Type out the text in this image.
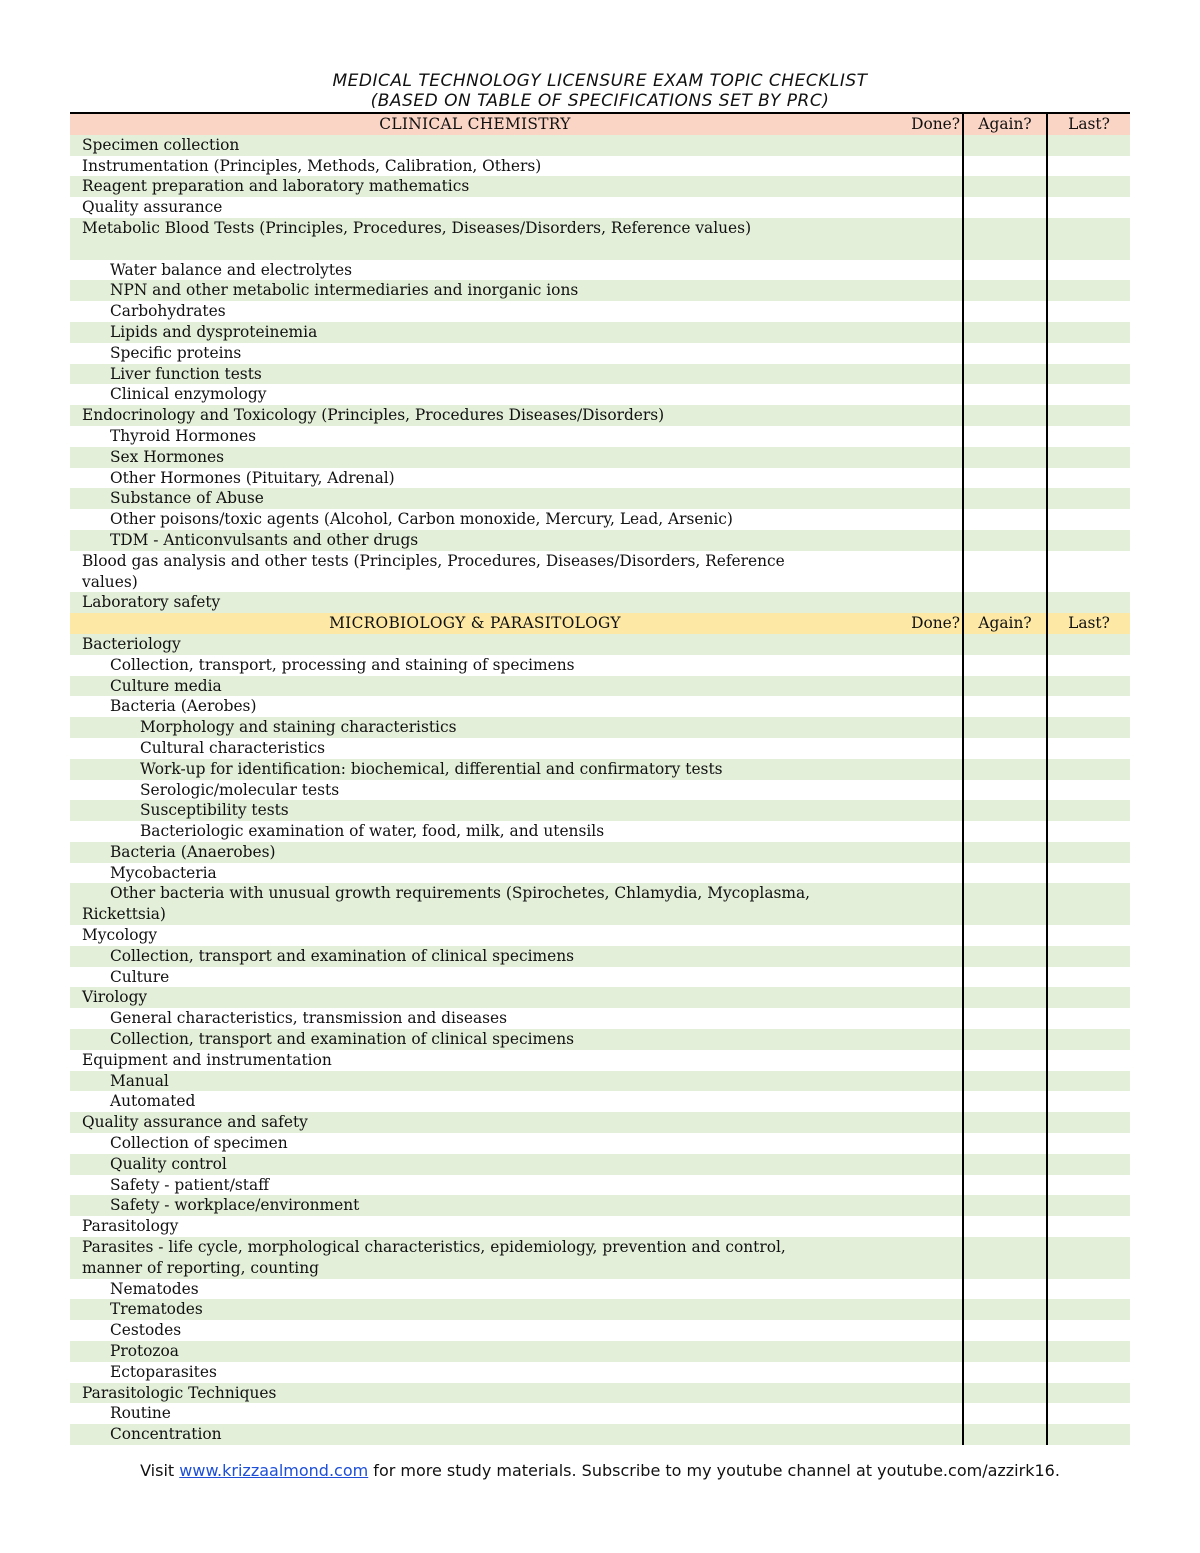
MEDICAL TECHNOLOGY LICENSURE EXAM TOPIC CHECKLIST
(BASED ON TABLE OF SPECIFICATIONS SET BY PRC)
CLINICAL CHEMISTRY	Done?	Again?	Last?
Specimen collection
Instrumentation (Principles, Methods, Calibration, Others)
Reagent preparation and laboratory mathematics
Quality assurance
Metabolic Blood Tests (Principles, Procedures, Diseases/Disorders, Reference values)
Water balance and electrolytes
NPN and other metabolic intermediaries and inorganic ions
Carbohydrates
Lipids and dysproteinemia
Specific proteins
Liver function tests
Clinical enzymology
Endocrinology and Toxicology (Principles, Procedures Diseases/Disorders)
Thyroid Hormones
Sex Hormones
Other Hormones (Pituitary, Adrenal)
Substance of Abuse
Other poisons/toxic agents (Alcohol, Carbon monoxide, Mercury, Lead, Arsenic)
TDM - Anticonvulsants and other drugs
Blood gas analysis and other tests (Principles, Procedures, Diseases/Disorders, Reference values)
Laboratory safety
MICROBIOLOGY & PARASITOLOGY	Done?	Again?	Last?
Bacteriology
Collection, transport, processing and staining of specimens
Culture media
Bacteria (Aerobes)
Morphology and staining characteristics
Cultural characteristics
Work-up for identification: biochemical, differential and confirmatory tests
Serologic/molecular tests
Susceptibility tests
Bacteriologic examination of water, food, milk, and utensils
Bacteria (Anaerobes)
Mycobacteria
Other bacteria with unusual growth requirements (Spirochetes, Chlamydia, Mycoplasma, Rickettsia)
Mycology
Collection, transport and examination of clinical specimens
Culture
Virology
General characteristics, transmission and diseases
Collection, transport and examination of clinical specimens
Equipment and instrumentation
Manual
Automated
Quality assurance and safety
Collection of specimen
Quality control
Safety - patient/staff
Safety - workplace/environment
Parasitology
Parasites - life cycle, morphological characteristics, epidemiology, prevention and control, manner of reporting, counting
Nematodes
Trematodes
Cestodes
Protozoa
Ectoparasites
Parasitologic Techniques
Routine
Concentration
Visit www.krizzaalmond.com for more study materials. Subscribe to my youtube channel at youtube.com/azzirk16.
